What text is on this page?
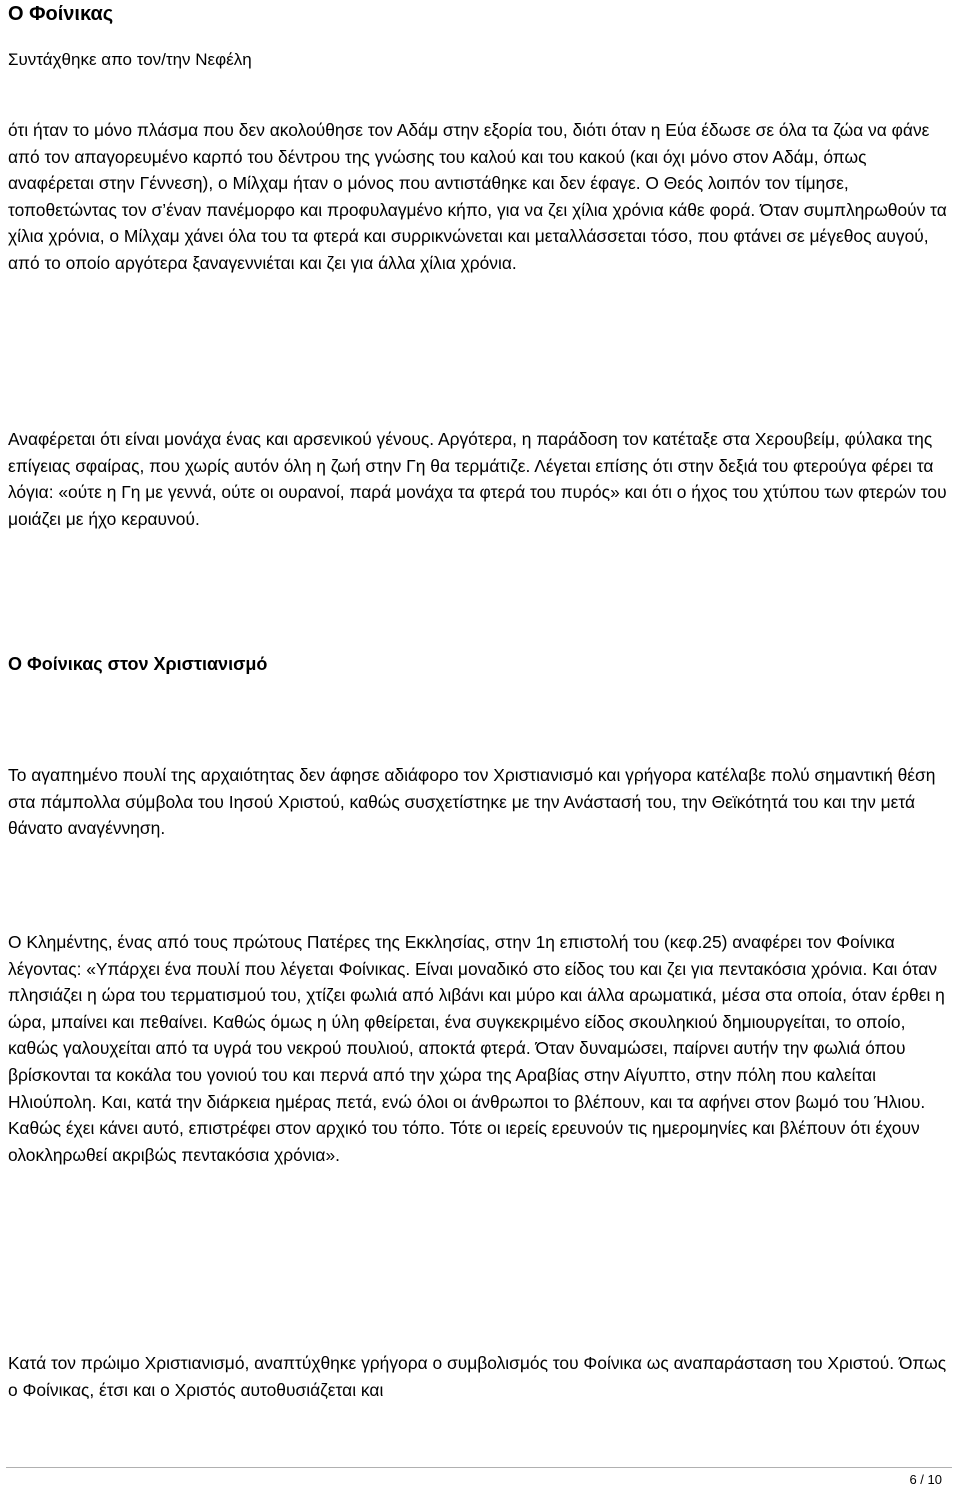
Ο Φοίνικας
Συντάχθηκε απο τον/την Νεφέλη

ότι ήταν το μόνο πλάσμα που δεν ακολούθησε τον Αδάμ στην εξορία του, διότι όταν η Εύα έδωσε σε όλα τα ζώα να φάνε από τον απαγορευμένο καρπό του δέντρου της γνώσης του καλού και του κακού (και όχι μόνο στον Αδάμ, όπως αναφέρεται στην Γέννεση), ο Μίλχαμ ήταν ο μόνος που αντιστάθηκε και δεν έφαγε. Ο Θεός λοιπόν τον τίμησε, τοποθετώντας τον σ’έναν πανέμορφο και προφυλαγμένο κήπο, για να ζει χίλια χρόνια κάθε φορά. Όταν συμπληρωθούν τα χίλια χρόνια, ο Μίλχαμ χάνει όλα του τα φτερά και συρρικνώνεται και μεταλλάσσεται τόσο, που φτάνει σε μέγεθος αυγού, από το οποίο αργότερα ξαναγεννιέται και ζει για άλλα χίλια χρόνια.

Αναφέρεται ότι είναι μονάχα ένας και αρσενικού γένους. Αργότερα, η παράδοση τον κατέταξε στα Χερουβείμ, φύλακα της επίγειας σφαίρας, που χωρίς αυτόν όλη η ζωή στην Γη θα τερμάτιζε. Λέγεται επίσης ότι στην δεξιά του φτερούγα φέρει τα λόγια: «ούτε η Γη με γεννά, ούτε οι ουρανοί, παρά μονάχα τα φτερά του πυρός» και ότι ο ήχος του χτύπου των φτερών του μοιάζει με ήχο κεραυνού.

Ο Φοίνικας στον Χριστιανισμό

Το αγαπημένο πουλί της αρχαιότητας δεν άφησε αδιάφορο τον Χριστιανισμό και γρήγορα κατέλαβε πολύ σημαντική θέση στα πάμπολλα σύμβολα του Ιησού Χριστού, καθώς συσχετίστηκε με την Ανάστασή του, την Θεϊκότητά του και την μετά θάνατο αναγέννηση.

Ο Κλημέντης, ένας από τους πρώτους Πατέρες της Εκκλησίας, στην 1η επιστολή του (κεφ.25) αναφέρει τον Φοίνικα λέγοντας: «Υπάρχει ένα πουλί που λέγεται Φοίνικας. Είναι μοναδικό στο είδος του και ζει για πεντακόσια χρόνια. Και όταν πλησιάζει η ώρα του τερματισμού του, χτίζει φωλιά από λιβάνι και μύρο και άλλα αρωματικά, μέσα στα οποία, όταν έρθει η ώρα, μπαίνει και πεθαίνει. Καθώς όμως η ύλη φθείρεται, ένα συγκεκριμένο είδος σκουληκιού δημιουργείται, το οποίο, καθώς γαλουχείται από τα υγρά του νεκρού πουλιού, αποκτά φτερά. Όταν δυναμώσει, παίρνει αυτήν την φωλιά όπου βρίσκονται τα κοκάλα του γονιού του και περνά από την χώρα της Αραβίας στην Αίγυπτο, στην πόλη που καλείται Ηλιούπολη. Και, κατά την διάρκεια ημέρας πετά, ενώ όλοι οι άνθρωποι το βλέπουν, και τα αφήνει στον βωμό του Ήλιου. Καθώς έχει κάνει αυτό, επιστρέφει στον αρχικό του τόπο. Τότε οι ιερείς ερευνούν τις ημερομηνίες και βλέπουν ότι έχουν ολοκληρωθεί ακριβώς πεντακόσια χρόνια».

Κατά τον πρώιμο Χριστιανισμό, αναπτύχθηκε γρήγορα ο συμβολισμός του Φοίνικα ως αναπαράσταση του Χριστού. Όπως ο Φοίνικας, έτσι και ο Χριστός αυτοθυσιάζεται και

6 / 10
